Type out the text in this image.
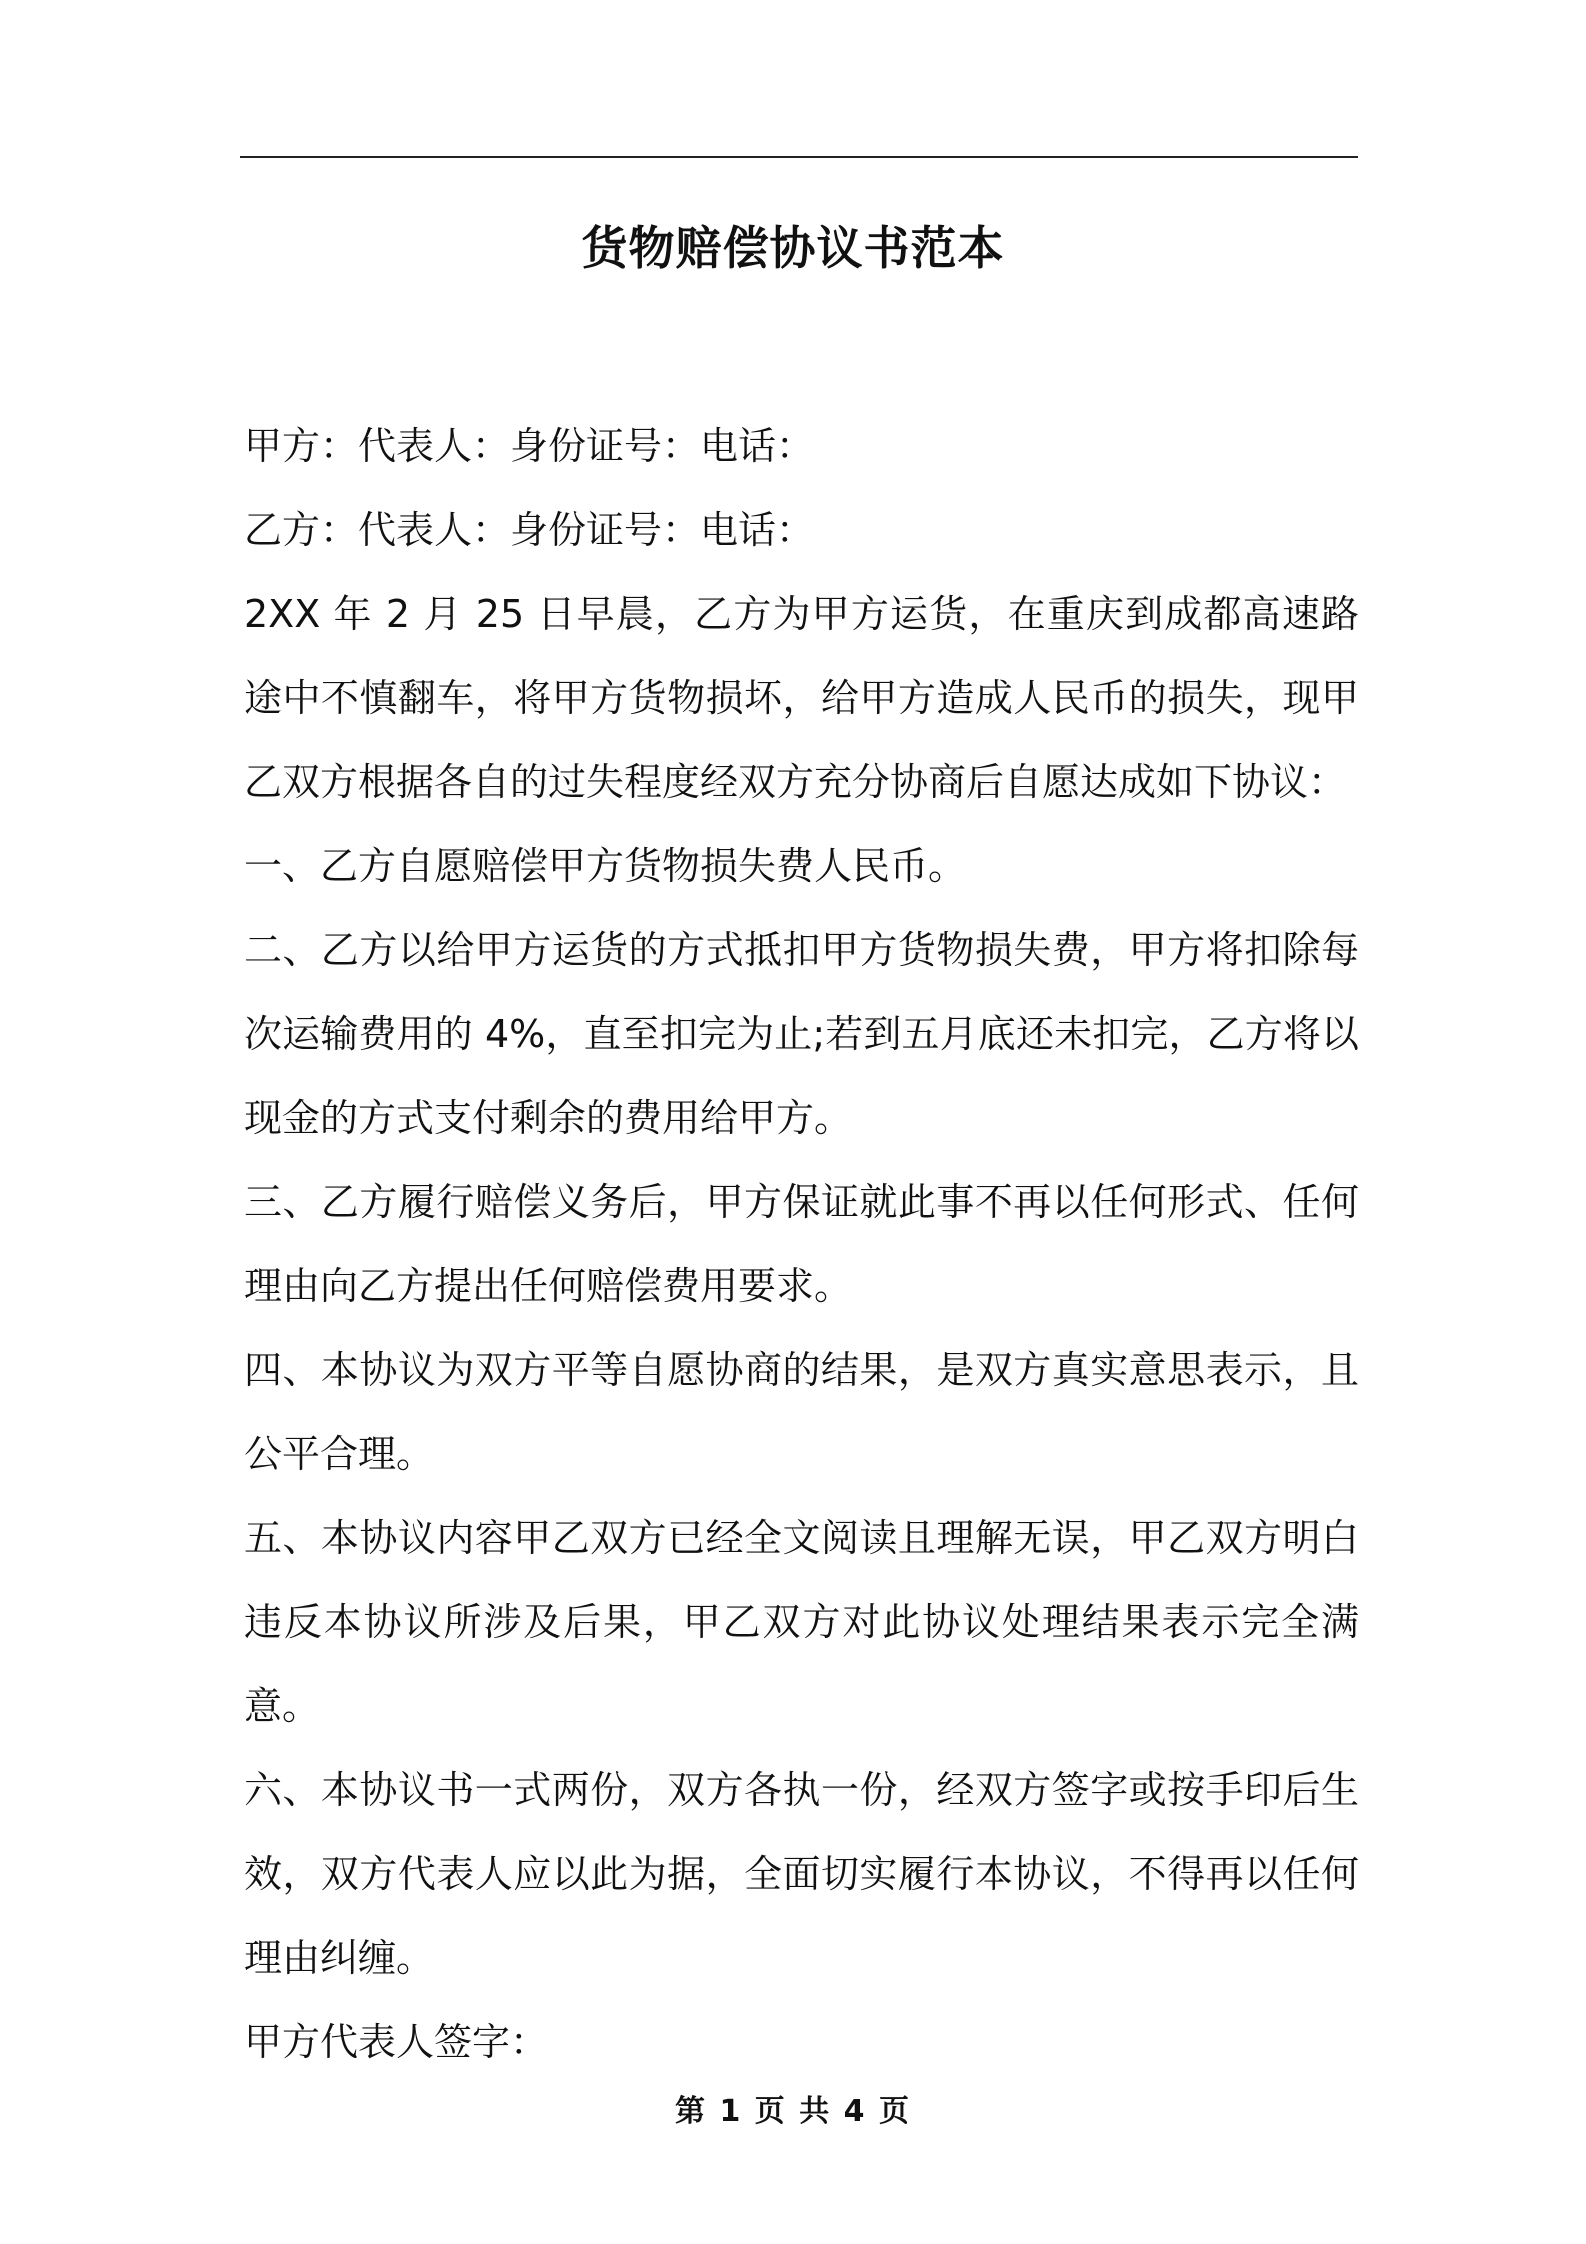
货物赔偿协议书范本

甲方：代表人：身份证号：电话：

乙方：代表人：身份证号：电话：

2XX 年 2 月 25 日早晨，乙方为甲方运货，在重庆到成都高速路途中不慎翻车，将甲方货物损坏，给甲方造成人民币的损失，现甲乙双方根据各自的过失程度经双方充分协商后自愿达成如下协议：

一、乙方自愿赔偿甲方货物损失费人民币。

二、乙方以给甲方运货的方式抵扣甲方货物损失费，甲方将扣除每次运输费用的 4%，直至扣完为止;若到五月底还未扣完，乙方将以现金的方式支付剩余的费用给甲方。

三、乙方履行赔偿义务后，甲方保证就此事不再以任何形式、任何理由向乙方提出任何赔偿费用要求。

四、本协议为双方平等自愿协商的结果，是双方真实意思表示，且公平合理。

五、本协议内容甲乙双方已经全文阅读且理解无误，甲乙双方明白违反本协议所涉及后果，甲乙双方对此协议处理结果表示完全满意。

六、本协议书一式两份，双方各执一份，经双方签字或按手印后生效，双方代表人应以此为据，全面切实履行本协议，不得再以任何理由纠缠。

甲方代表人签字：

第 1 页 共 4 页
